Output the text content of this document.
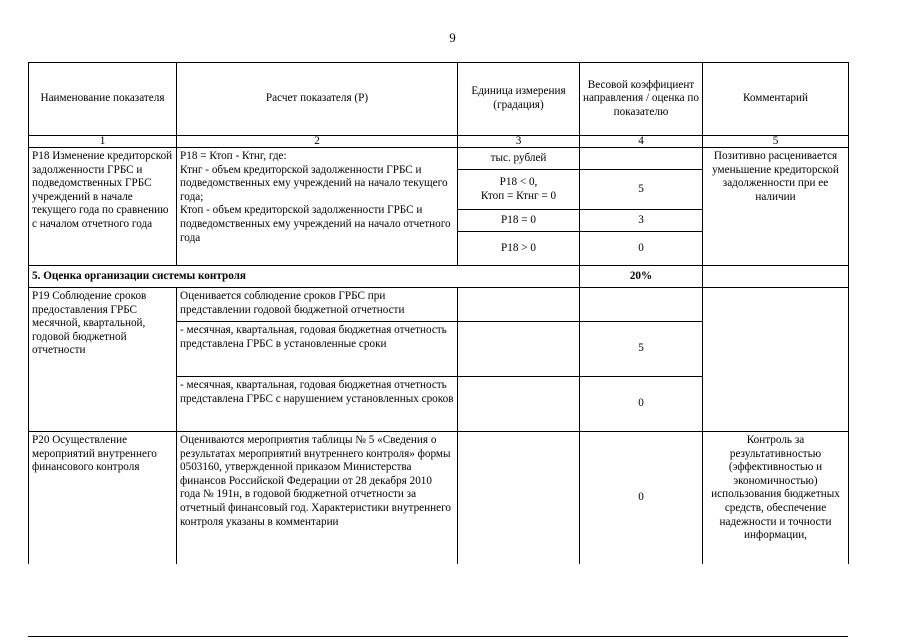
9
Наименование показателя	Расчет показателя (Р)	Единица измерения (градация)	Весовой коэффициент направления / оценка по показателю	Комментарий
1	2	3	4	5
Р18 Изменение кредиторской задолженности ГРБС и подведомственных ГРБС учреждений в начале текущего года по сравнению с началом отчетного года	Р18 = Ктоп - Ктнг, где:
Ктнг - объем кредиторской задолженности ГРБС и подведомственных ему учреждений на начало текущего года;
Ктоп - объем кредиторской задолженности ГРБС и подведомственных ему учреждений на начало отчетного года	тыс. рублей		Позитивно расценивается уменьшение кредиторской задолженности при ее наличии
		Р18 < 0,
Ктоп = Ктнг = 0	5	
		Р18 = 0	3	
		Р18 > 0	0	
5. Оценка организации системы контроля			20%	
Р19 Соблюдение сроков предоставления ГРБС месячной, квартальной, годовой бюджетной отчетности	Оценивается соблюдение сроков ГРБС при представлении годовой бюджетной отчетности			
	- месячная, квартальная, годовая бюджетная отчетность представлена ГРБС в установленные сроки		5	
	- месячная, квартальная, годовая бюджетная отчетность представлена ГРБС с нарушением установленных сроков		0	
Р20 Осуществление мероприятий внутреннего финансового контроля	Оцениваются мероприятия таблицы № 5 «Сведения о результатах мероприятий внутреннего контроля» формы 0503160, утвержденной приказом Министерства финансов Российской Федерации от 28 декабря 2010 года № 191н, в годовой бюджетной отчетности за отчетный финансовый год. Характеристики внутреннего контроля указаны в комментарии		0	Контроль за результативностью (эффективностью и экономичностью) использования бюджетных средств, обеспечение надежности и точности информации,
